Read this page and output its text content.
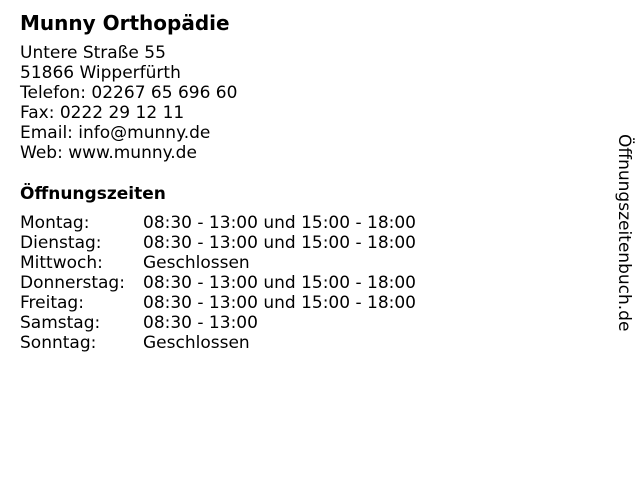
Munny Orthopädie
Untere Straße 55
51866 Wipperfürth
Telefon: 02267 65 696 60
Fax: 0222 29 12 11
Email: info@munny.de
Web: www.munny.de
Öffnungszeiten
Montag:	08:30 - 13:00 und 15:00 - 18:00
Dienstag:	08:30 - 13:00 und 15:00 - 18:00
Mittwoch:	Geschlossen
Donnerstag:	08:30 - 13:00 und 15:00 - 18:00
Freitag:	08:30 - 13:00 und 15:00 - 18:00
Samstag:	08:30 - 13:00
Sonntag:	Geschlossen
Öffnungszeitenbuch.de
